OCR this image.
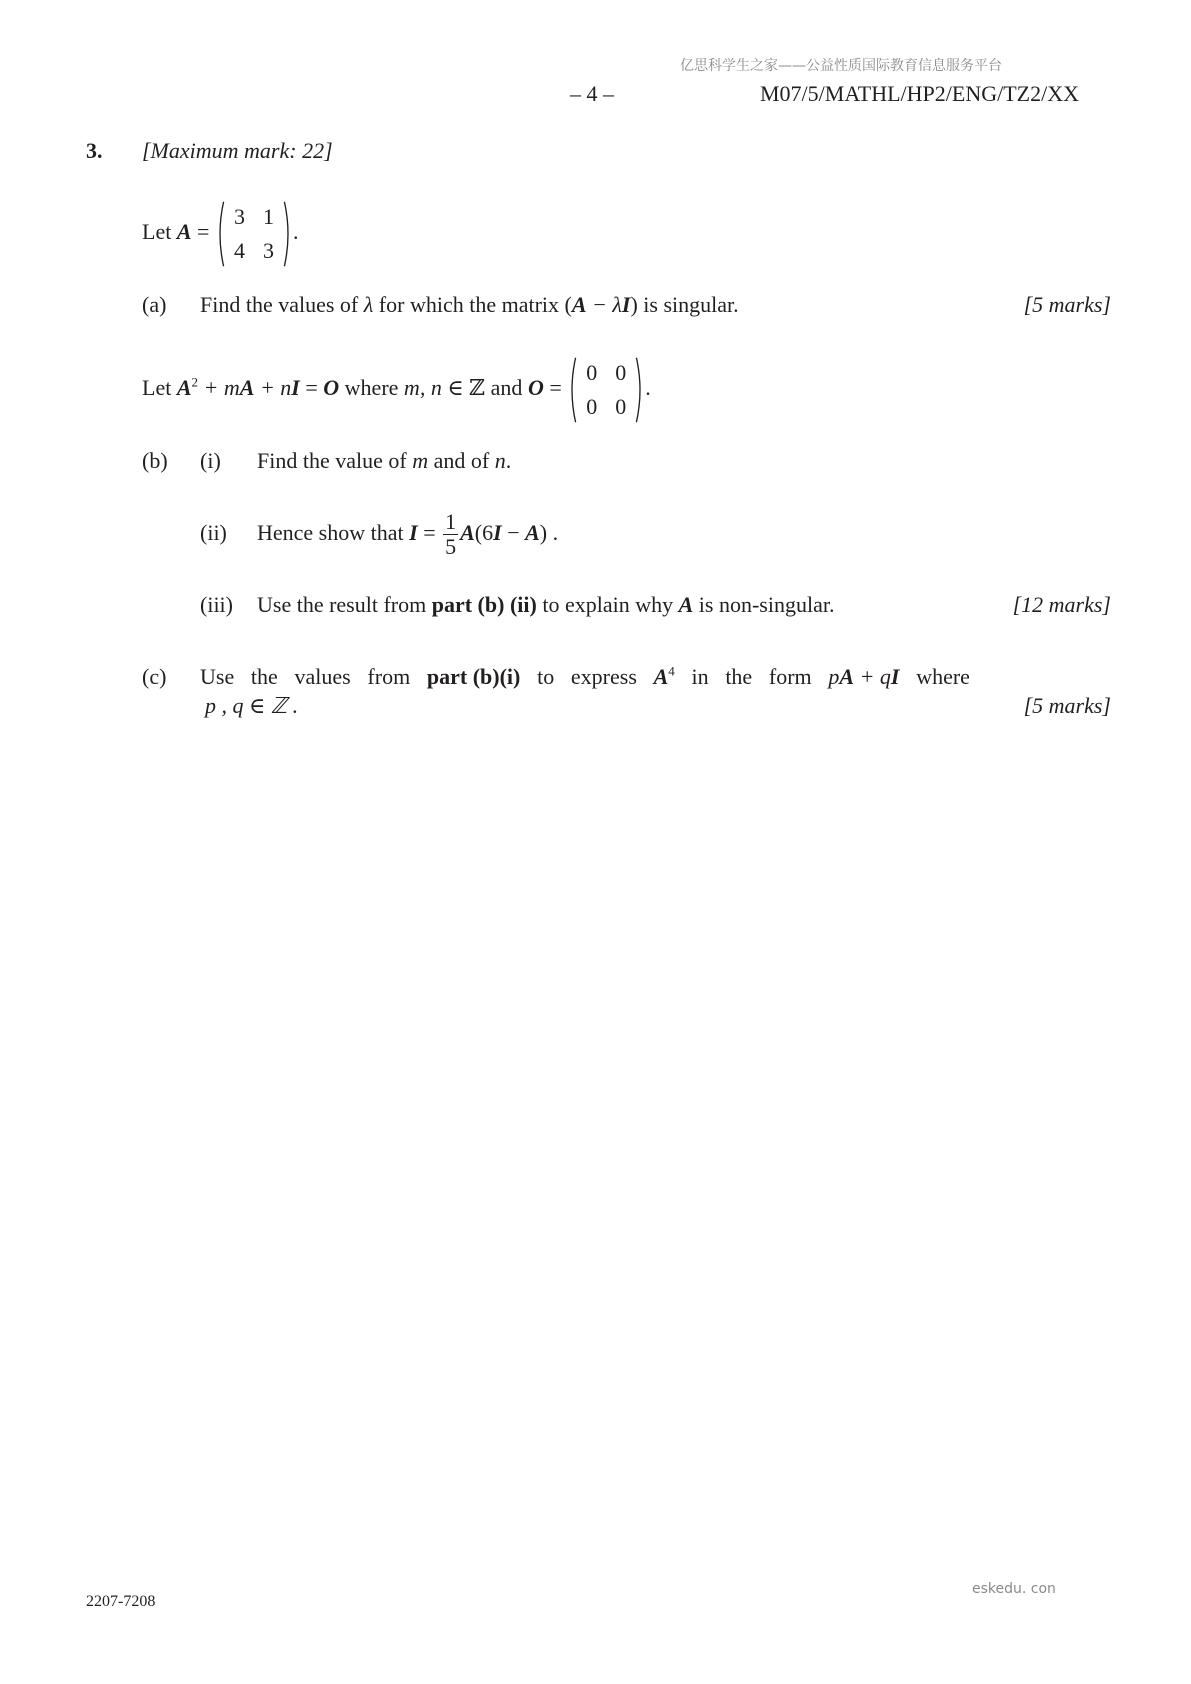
亿思科学生之家——公益性质国际教育信息服务平台
– 4 –	M07/5/MATHL/HP2/ENG/TZ2/XX
3. [Maximum mark: 22]
Let A =
3	1
4	3
.
(a) Find the values of λ for which the matrix (A − λI) is singular.	[5 marks]
Let $A^2$ + mA + nI = O where m, n ∈ ℤ and O =
0	0
0	0
.
(b) (i) Find the value of m and of n.
(ii) Hence show that $I = \frac{1}{5} A(6I - A)$ .
(iii) Use the result from part (b) (ii) to explain why A is non-singular.	[12 marks]
(c) Use the values from part (b)(i) to express $A^4$ in the form pA + qI where
p , q ∈ ℤ .	[5 marks]
2207-7208
eskedu. con
